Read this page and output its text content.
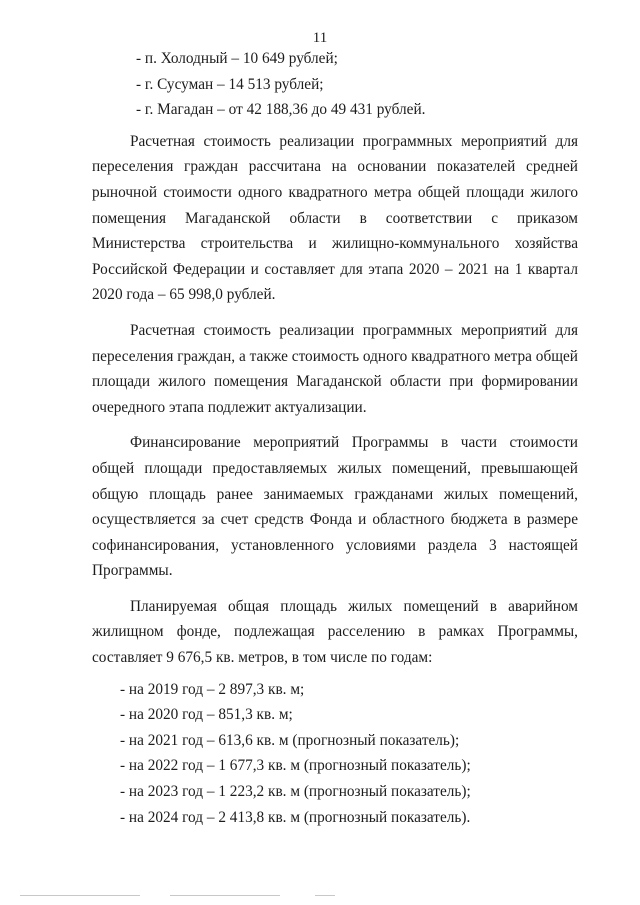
11

- п. Холодный – 10 649 рублей;

- г. Сусуман – 14 513 рублей;

- г. Магадан – от 42 188,36 до 49 431 рублей.

Расчетная стоимость реализации программных мероприятий для переселения граждан рассчитана на основании показателей средней рыночной стоимости одного квадратного метра общей площади жилого помещения Магаданской области в соответствии с приказом Министерства строительства и жилищно-коммунального хозяйства Российской Федерации и составляет для этапа 2020 – 2021 на 1 квартал 2020 года – 65 998,0 рублей.

Расчетная стоимость реализации программных мероприятий для переселения граждан, а также стоимость одного квадратного метра общей площади жилого помещения Магаданской области при формировании очередного этапа подлежит актуализации.

Финансирование мероприятий Программы в части стоимости общей площади предоставляемых жилых помещений, превышающей общую площадь ранее занимаемых гражданами жилых помещений, осуществляется за счет средств Фонда и областного бюджета в размере софинансирования, установленного условиями раздела 3 настоящей Программы.

Планируемая общая площадь жилых помещений в аварийном жилищном фонде, подлежащая расселению в рамках Программы, составляет 9 676,5 кв. метров, в том числе по годам:

- на 2019 год – 2 897,3 кв. м;

- на 2020 год – 851,3 кв. м;

- на 2021 год – 613,6 кв. м (прогнозный показатель);

- на 2022 год – 1 677,3 кв. м (прогнозный показатель);

- на 2023 год – 1 223,2 кв. м (прогнозный показатель);

- на 2024 год – 2 413,8 кв. м (прогнозный показатель).
